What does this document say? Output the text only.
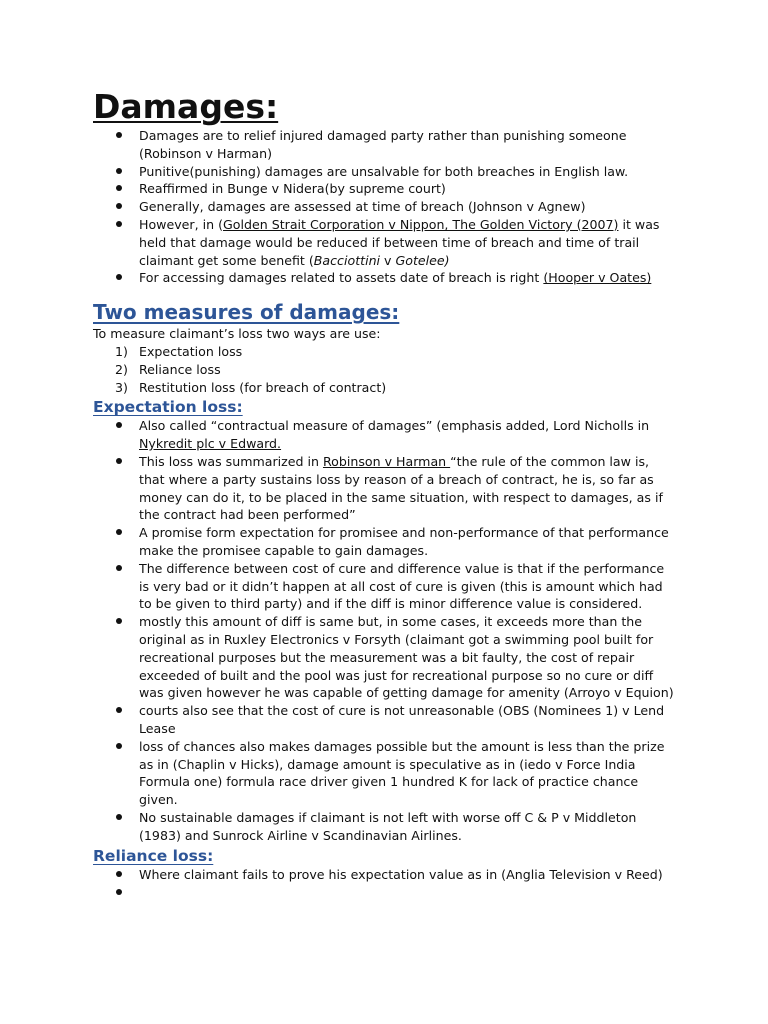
Damages:
Damages are to relief injured damaged party rather than punishing someone (Robinson v Harman)
Punitive(punishing) damages are unsalvable for both breaches in English law.
Reaffirmed in Bunge v Nidera(by supreme court)
Generally, damages are assessed at time of breach (Johnson v Agnew)
However, in (Golden Strait Corporation v Nippon, The Golden Victory (2007) it was held that damage would be reduced if between time of breach and time of trail claimant get some benefit (Bacciottini v Gotelee)
For accessing damages related to assets date of breach is right (Hooper v Oates)
Two measures of damages:

To measure claimant’s loss two ways are use:

1) Expectation loss
2) Reliance loss
3) Restitution loss (for breach of contract)
Expectation loss:
Also called “contractual measure of damages” (emphasis added, Lord Nicholls in Nykredit plc v Edward.
This loss was summarized in Robinson v Harman “the rule of the common law is, that where a party sustains loss by reason of a breach of contract, he is, so far as money can do it, to be placed in the same situation, with respect to damages, as if the contract had been performed”
A promise form expectation for promisee and non-performance of that performance make the promisee capable to gain damages.
The difference between cost of cure and difference value is that if the performance is very bad or it didn’t happen at all cost of cure is given (this is amount which had to be given to third party) and if the diff is minor difference value is considered.
mostly this amount of diff is same but, in some cases, it exceeds more than the original as in Ruxley Electronics v Forsyth (claimant got a swimming pool built for recreational purposes but the measurement was a bit faulty, the cost of repair exceeded of built and the pool was just for recreational purpose so no cure or diff was given however he was capable of getting damage for amenity (Arroyo v Equion)
courts also see that the cost of cure is not unreasonable (OBS (Nominees 1) v Lend Lease
loss of chances also makes damages possible but the amount is less than the prize as in (Chaplin v Hicks), damage amount is speculative as in (iedo v Force India Formula one) formula race driver given 1 hundred K for lack of practice chance given.
No sustainable damages if claimant is not left with worse off C & P v Middleton (1983) and Sunrock Airline v Scandinavian Airlines.
Reliance loss:
Where claimant fails to prove his expectation value as in (Anglia Television v Reed)
